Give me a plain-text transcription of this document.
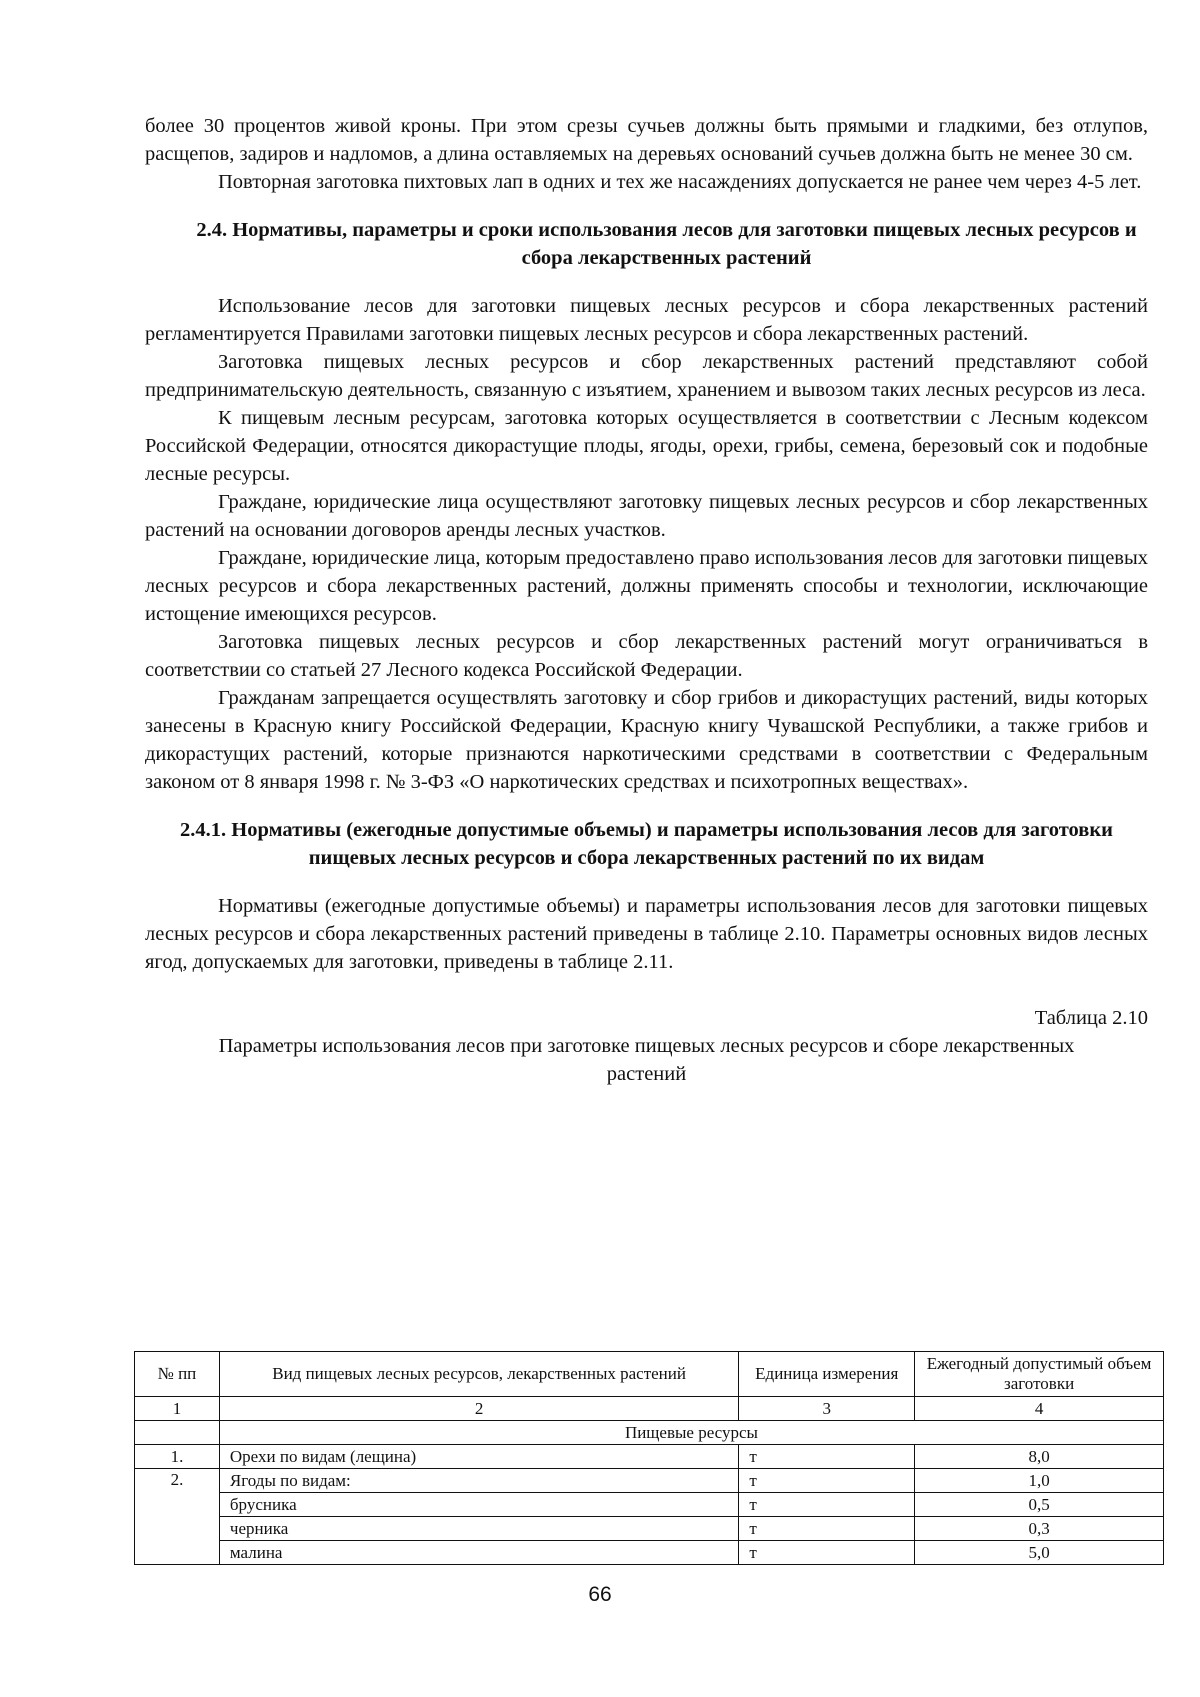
более 30 процентов живой кроны. При этом срезы сучьев должны быть прямыми и гладкими, без отлупов, расщепов, задиров и надломов, а длина оставляемых на деревьях оснований сучьев должна быть не менее 30 см.

Повторная заготовка пихтовых лап в одних и тех же насаждениях допускается не ранее чем через 4-5 лет.

2.4. Нормативы, параметры и сроки использования лесов для заготовки пищевых лесных ресурсов и сбора лекарственных растений

Использование лесов для заготовки пищевых лесных ресурсов и сбора лекарственных растений регламентируется Правилами заготовки пищевых лесных ресурсов и сбора лекарственных растений.

Заготовка пищевых лесных ресурсов и сбор лекарственных растений представляют собой предпринимательскую деятельность, связанную с изъятием, хранением и вывозом таких лесных ресурсов из леса.

К пищевым лесным ресурсам, заготовка которых осуществляется в соответствии с Лесным кодексом Российской Федерации, относятся дикорастущие плоды, ягоды, орехи, грибы, семена, березовый сок и подобные лесные ресурсы.

Граждане, юридические лица осуществляют заготовку пищевых лесных ресурсов и сбор лекарственных растений на основании договоров аренды лесных участков.

Граждане, юридические лица, которым предоставлено право использования лесов для заготовки пищевых лесных ресурсов и сбора лекарственных растений, должны применять способы и технологии, исключающие истощение имеющихся ресурсов.

Заготовка пищевых лесных ресурсов и сбор лекарственных растений могут ограничиваться в соответствии со статьей 27 Лесного кодекса Российской Федерации.

Гражданам запрещается осуществлять заготовку и сбор грибов и дикорастущих растений, виды которых занесены в Красную книгу Российской Федерации, Красную книгу Чувашской Республики, а также грибов и дикорастущих растений, которые признаются наркотическими средствами в соответствии с Федеральным законом от 8 января 1998 г. № 3-ФЗ «О наркотических средствах и психотропных веществах».

2.4.1. Нормативы (ежегодные допустимые объемы) и параметры использования лесов для заготовки пищевых лесных ресурсов и сбора лекарственных растений по их видам

Нормативы (ежегодные допустимые объемы) и параметры использования лесов для заготовки пищевых лесных ресурсов и сбора лекарственных растений приведены в таблице 2.10. Параметры основных видов лесных ягод, допускаемых для заготовки, приведены в таблице 2.11.

Таблица 2.10
Параметры использования лесов при заготовке пищевых лесных ресурсов и сборе лекарственных растений
№ пп	Вид пищевых лесных ресурсов, лекарственных растений	Единица измерения	Ежегодный допустимый объем заготовки
1	2	3	4
	Пищевые ресурсы		
1.	Орехи по видам (лещина)	т	8,0
2.	Ягоды по видам:	т	1,0
	брусника	т	0,5
	черника	т	0,3
	малина	т	5,0
66
